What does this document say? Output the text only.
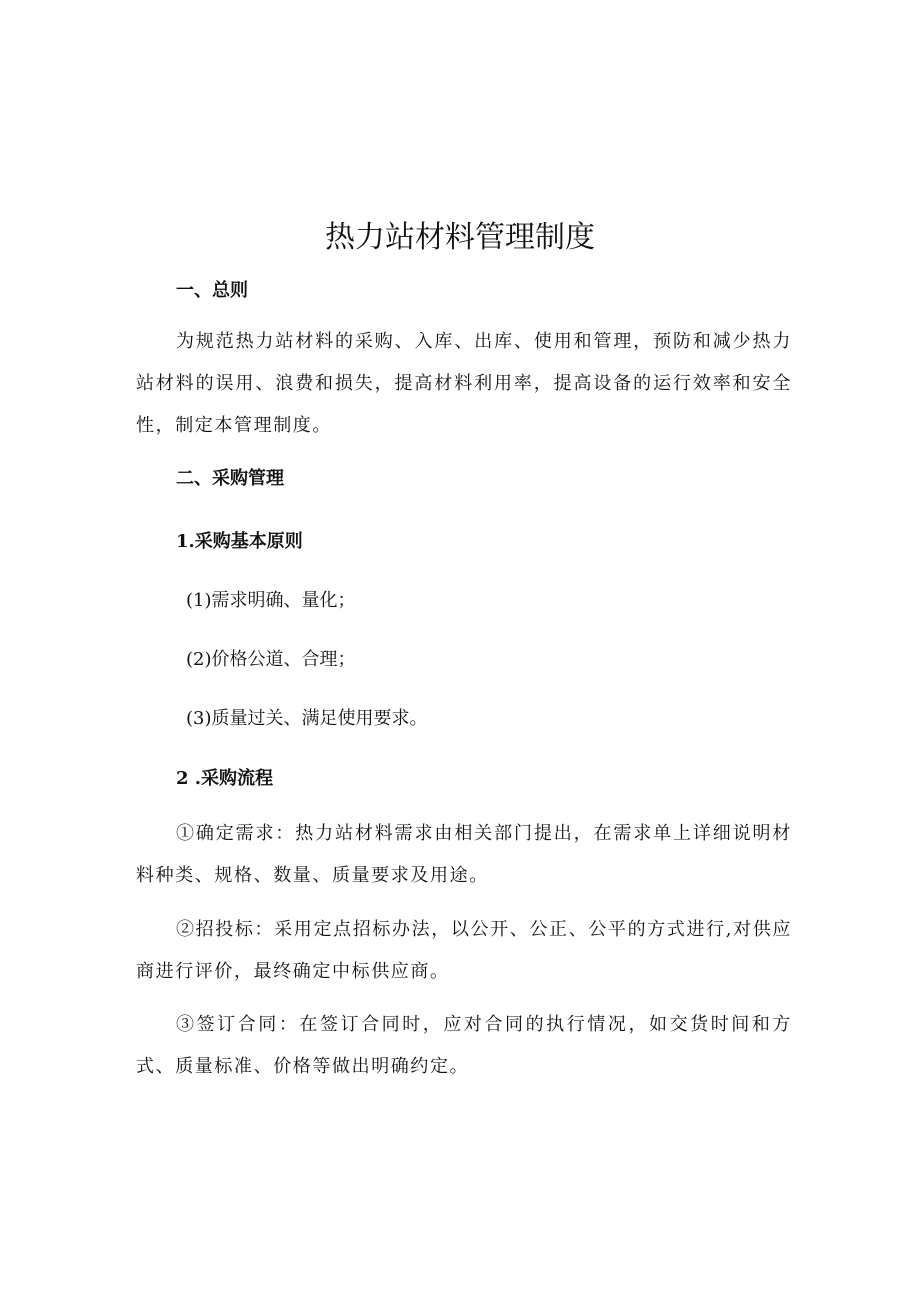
热力站材料管理制度
一、总则

为规范热力站材料的采购、入库、出库、使用和管理，预防和减少热力站材料的误用、浪费和损失，提高材料利用率，提高设备的运行效率和安全性，制定本管理制度。

二、采购管理
1.采购基本原则

(1)需求明确、量化；

(2)价格公道、合理；

(3)质量过关、满足使用要求。

2 .采购流程

①确定需求：热力站材料需求由相关部门提出，在需求单上详细说明材料种类、规格、数量、质量要求及用途。

②招投标：采用定点招标办法，以公开、公正、公平的方式进行,对供应商进行评价，最终确定中标供应商。

③签订合同：在签订合同时，应对合同的执行情况，如交货时间和方式、质量标准、价格等做出明确约定。
